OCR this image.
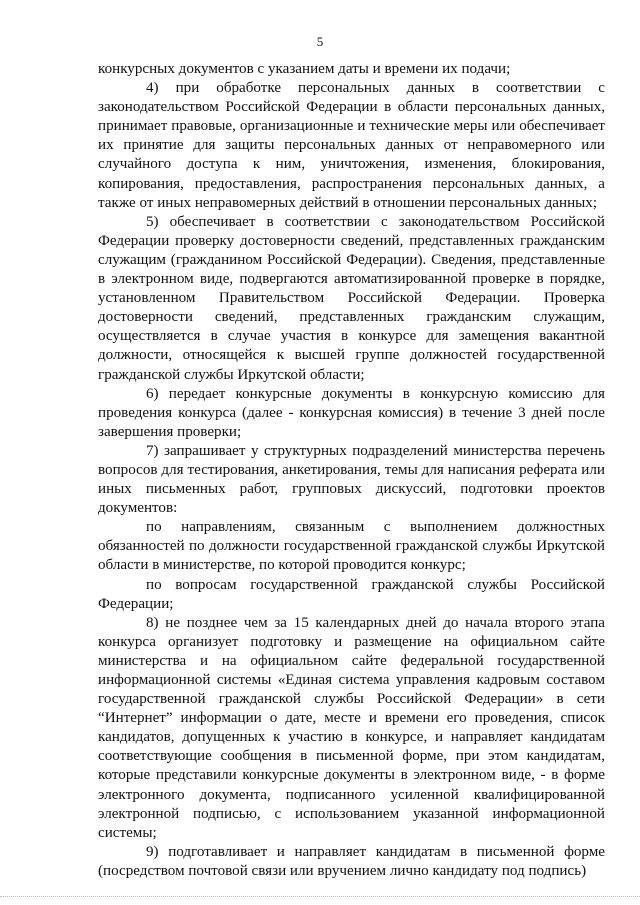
5

конкурсных документов с указанием даты и времени их подачи;

4) при обработке персональных данных в соответствии с законодательством Российской Федерации в области персональных данных, принимает правовые, организационные и технические меры или обеспечивает их принятие для защиты персональных данных от неправомерного или случайного доступа к ним, уничтожения, изменения, блокирования, копирования, предоставления, распространения персональных данных, а также от иных неправомерных действий в отношении персональных данных;

5) обеспечивает в соответствии с законодательством Российской Федерации проверку достоверности сведений, представленных гражданским служащим (гражданином Российской Федерации). Сведения, представленные в электронном виде, подвергаются автоматизированной проверке в порядке, установленном Правительством Российской Федерации. Проверка достоверности сведений, представленных гражданским служащим, осуществляется в случае участия в конкурсе для замещения вакантной должности, относящейся к высшей группе должностей государственной гражданской службы Иркутской области;

6) передает конкурсные документы в конкурсную комиссию для проведения конкурса (далее - конкурсная комиссия) в течение 3 дней после завершения проверки;

7) запрашивает у структурных подразделений министерства перечень вопросов для тестирования, анкетирования, темы для написания реферата или иных письменных работ, групповых дискуссий, подготовки проектов документов:

по направлениям, связанным с выполнением должностных обязанностей по должности государственной гражданской службы Иркутской области в министерстве, по которой проводится конкурс;

по вопросам государственной гражданской службы Российской Федерации;

8) не позднее чем за 15 календарных дней до начала второго этапа конкурса организует подготовку и размещение на официальном сайте министерства и на официальном сайте федеральной государственной информационной системы «Единая система управления кадровым составом государственной гражданской службы Российской Федерации» в сети “Интернет” информации о дате, месте и времени его проведения, список кандидатов, допущенных к участию в конкурсе, и направляет кандидатам соответствующие сообщения в письменной форме, при этом кандидатам, которые представили конкурсные документы в электронном виде, - в форме электронного документа, подписанного усиленной квалифицированной электронной подписью, с использованием указанной информационной системы;

9) подготавливает и направляет кандидатам в письменной форме (посредством почтовой связи или вручением лично кандидату под подпись)
